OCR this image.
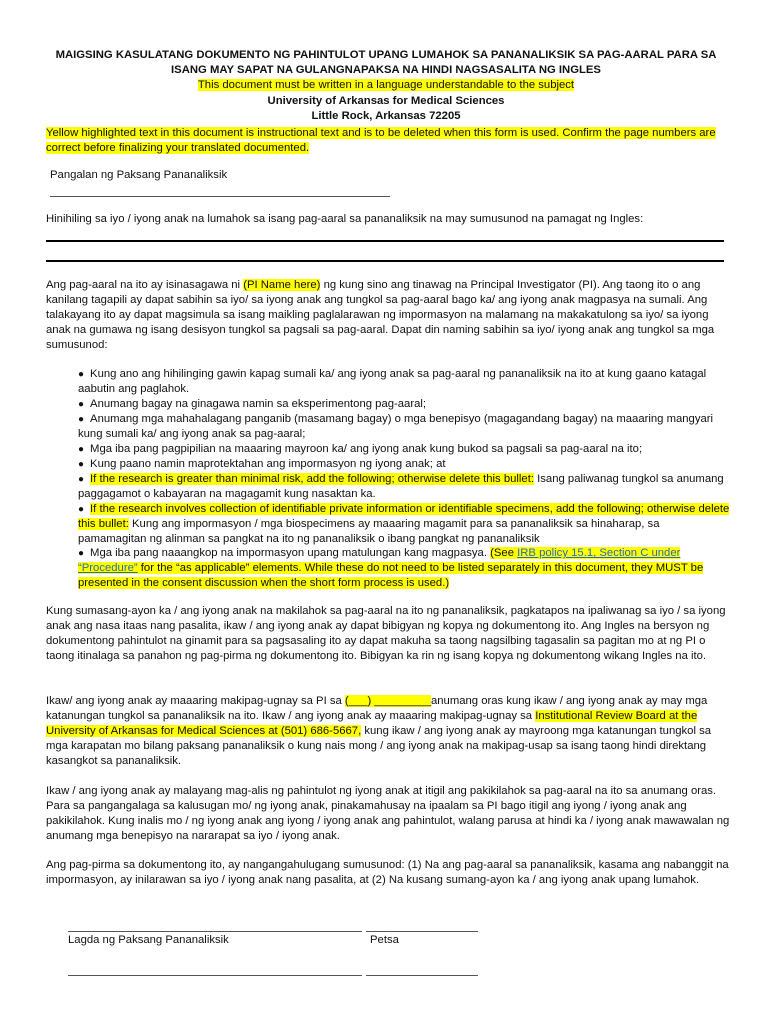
MAIGSING KASULATANG DOKUMENTO NG PAHINTULOT UPANG LUMAHOK SA PANANALIKSIK SA PAG-AARAL PARA SA ISANG MAY SAPAT NA GULANGNAPAKSA NA HINDI NAGSASALITA NG INGLES
This document must be written in a language understandable to the subject
University of Arkansas for Medical Sciences
Little Rock, Arkansas 72205
Yellow highlighted text in this document is instructional text and is to be deleted when this form is used. Confirm the page numbers are correct before finalizing your translated documented.
Pangalan ng Paksang Pananaliksik
Hinihiling sa iyo / iyong anak na lumahok sa isang pag-aaral sa pananaliksik na may sumusunod na pamagat ng Ingles:
Ang pag-aaral na ito ay isinasagawa ni (PI Name here) ng kung sino ang tinawag na Principal Investigator (PI). Ang taong ito o ang kanilang tagapili ay dapat sabihin sa iyo/ sa iyong anak ang tungkol sa pag-aaral bago ka/ ang iyong anak magpasya na sumali. Ang talakayang ito ay dapat magsimula sa isang maikling paglalarawan ng impormasyon na malamang na makakatulong sa iyo/ sa iyong anak na gumawa ng isang desisyon tungkol sa pagsali sa pag-aaral. Dapat din naming sabihin sa iyo/ iyong anak ang tungkol sa mga sumusunod:
● Kung ano ang hihilinging gawin kapag sumali ka/ ang iyong anak sa pag-aaral ng pananaliksik na ito at kung gaano katagal aabutin ang paglahok.
● Anumang bagay na ginagawa namin sa eksperimentong pag-aaral;
● Anumang mga mahahalagang panganib (masamang bagay) o mga benepisyo (magagandang bagay) na maaaring mangyari kung sumali ka/ ang iyong anak sa pag-aaral;
● Mga iba pang pagpipilian na maaaring mayroon ka/ ang iyong anak kung bukod sa pagsali sa pag-aaral na ito;
● Kung paano namin maprotektahan ang impormasyon ng iyong anak; at
● If the research is greater than minimal risk, add the following; otherwise delete this bullet: Isang paliwanag tungkol sa anumang paggagamot o kabayaran na magagamit kung nasaktan ka.
● If the research involves collection of identifiable private information or identifiable specimens, add the following; otherwise delete this bullet: Kung ang impormasyon / mga biospecimens ay maaaring magamit para sa pananaliksik sa hinaharap, sa pamamagitan ng alinman sa pangkat na ito ng pananaliksik o ibang pangkat ng pananaliksik
● Mga iba pang naaangkop na impormasyon upang matulungan kang magpasya. (See IRB policy 15.1, Section C under “Procedure” for the “as applicable” elements. While these do not need to be listed separately in this document, they MUST be presented in the consent discussion when the short form process is used.)
Kung sumasang-ayon ka / ang iyong anak na makilahok sa pag-aaral na ito ng pananaliksik, pagkatapos na ipaliwanag sa iyo / sa iyong anak ang nasa itaas nang pasalita, ikaw / ang iyong anak ay dapat bibigyan ng kopya ng dokumentong ito. Ang Ingles na bersyon ng dokumentong pahintulot na ginamit para sa pagsasaling ito ay dapat makuha sa taong nagsilbing tagasalin sa pagitan mo at ng PI o taong itinalaga sa panahon ng pag-pirma ng dokumentong ito. Bibigyan ka rin ng isang kopya ng dokumentong wikang Ingles na ito.
Ikaw/ ang iyong anak ay maaaring makipag-ugnay sa PI sa (___) _________anumang oras kung ikaw / ang iyong anak ay may mga katanungan tungkol sa pananaliksik na ito. Ikaw / ang iyong anak ay maaaring makipag-ugnay sa Institutional Review Board at the University of Arkansas for Medical Sciences at (501) 686-5667, kung ikaw / ang iyong anak ay mayroong mga katanungan tungkol sa mga karapatan mo bilang paksang pananaliksik o kung nais mong / ang iyong anak na makipag-usap sa isang taong hindi direktang kasangkot sa pananaliksik.
Ikaw / ang iyong anak ay malayang mag-alis ng pahintulot ng iyong anak at itigil ang pakikilahok sa pag-aaral na ito sa anumang oras. Para sa pangangalaga sa kalusugan mo/ ng iyong anak, pinakamahusay na ipaalam sa PI bago itigil ang iyong / iyong anak ang pakikilahok. Kung inalis mo / ng iyong anak ang iyong / iyong anak ang pahintulot, walang parusa at hindi ka / iyong anak mawawalan ng anumang mga benepisyo na nararapat sa iyo / iyong anak.
Ang pag-pirma sa dokumentong ito, ay nangangahulugang sumusunod: (1) Na ang pag-aaral sa pananaliksik, kasama ang nabanggit na impormasyon, ay inilarawan sa iyo / iyong anak nang pasalita, at (2) Na kusang sumang-ayon ka / ang iyong anak upang lumahok.
Lagda ng Paksang Pananaliksik	Petsa
